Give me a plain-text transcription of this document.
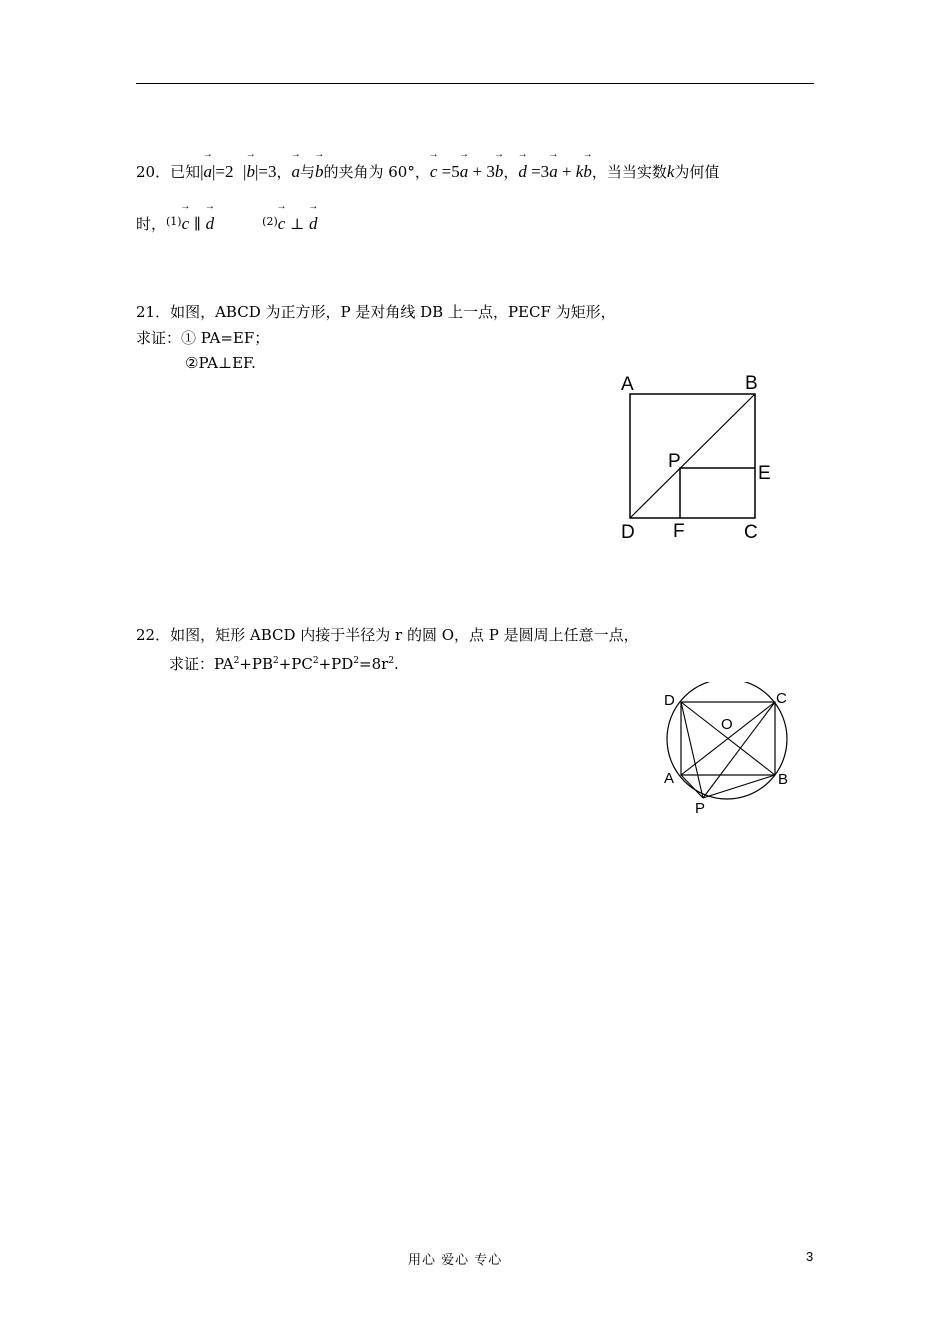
20．已知|→ a|=2 |→ b|=3，→ a与→ b的夹角为 60°，→ c =5→ a + 3→ b，→ d =3→ a + k→ b，当当实数k为何值
时，$^{(1)}$→ c ∥ → d	$^{(2)}$→ c ⊥ → d
21．如图，ABCD 为正方形，P 是对角线 DB 上一点，PECF 为矩形，
求证：① PA=EF；
②PA⊥EF.
A	B
P
E
D F	C
22．如图，矩形 ABCD 内接于半径为 r 的圆 O，点 P 是圆周上任意一点，
求证：$PA^2+PB^2+PC^2+PD^2=8r^2$.
D	C
O
A	B
P
用心 爱心 专心	3
